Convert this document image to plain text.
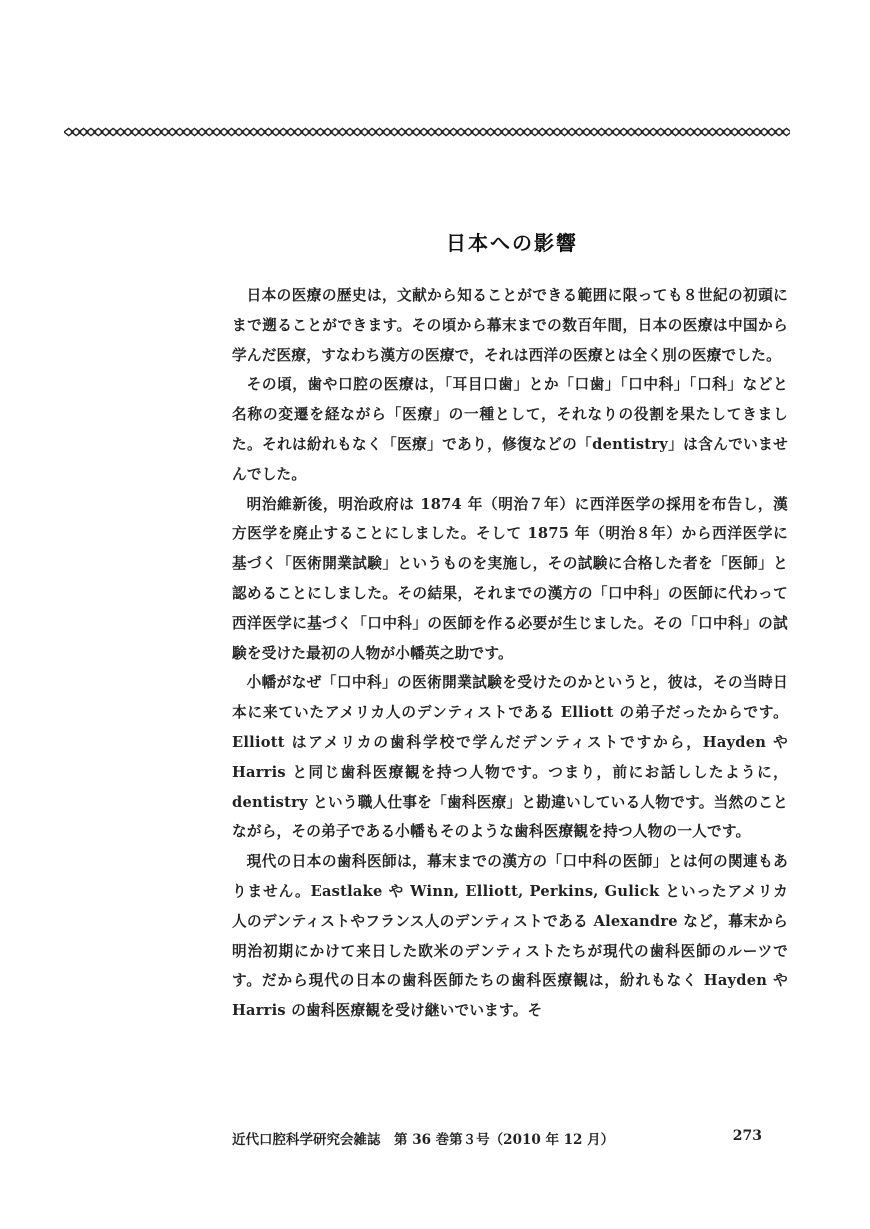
日本への影響

日本の医療の歴史は，文献から知ることができる範囲に限っても８世紀の初頭にまで遡ることができます。その頃から幕末までの数百年間，日本の医療は中国から学んだ医療，すなわち漢方の医療で，それは西洋の医療とは全く別の医療でした。

その頃，歯や口腔の医療は，「耳目口歯」とか「口歯」「口中科」「口科」などと名称の変遷を経ながら「医療」の一種として，それなりの役割を果たしてきました。それは紛れもなく「医療」であり，修復などの「dentistry」は含んでいませんでした。

明治維新後，明治政府は 1874 年（明治７年）に西洋医学の採用を布告し，漢方医学を廃止することにしました。そして 1875 年（明治８年）から西洋医学に基づく「医術開業試験」というものを実施し，その試験に合格した者を「医師」と認めることにしました。その結果，それまでの漢方の「口中科」の医師に代わって西洋医学に基づく「口中科」の医師を作る必要が生じました。その「口中科」の試験を受けた最初の人物が小幡英之助です。

小幡がなぜ「口中科」の医術開業試験を受けたのかというと，彼は，その当時日本に来ていたアメリカ人のデンティストである Elliott の弟子だったからです。Elliott はアメリカの歯科学校で学んだデンティストですから，Hayden や Harris と同じ歯科医療観を持つ人物です。つまり，前にお話ししたように，dentistry という職人仕事を「歯科医療」と勘違いしている人物です。当然のことながら，その弟子である小幡もそのような歯科医療観を持つ人物の一人です。

現代の日本の歯科医師は，幕末までの漢方の「口中科の医師」とは何の関連もありません。Eastlake や Winn, Elliott, Perkins, Gulick といったアメリカ人のデンティストやフランス人のデンティストである Alexandre など，幕末から明治初期にかけて来日した欧米のデンティストたちが現代の歯科医師のルーツです。だから現代の日本の歯科医師たちの歯科医療観は，紛れもなく Hayden や Harris の歯科医療観を受け継いでいます。そ

近代口腔科学研究会雑誌　第 36 巻第３号（2010 年 12 月）	273
